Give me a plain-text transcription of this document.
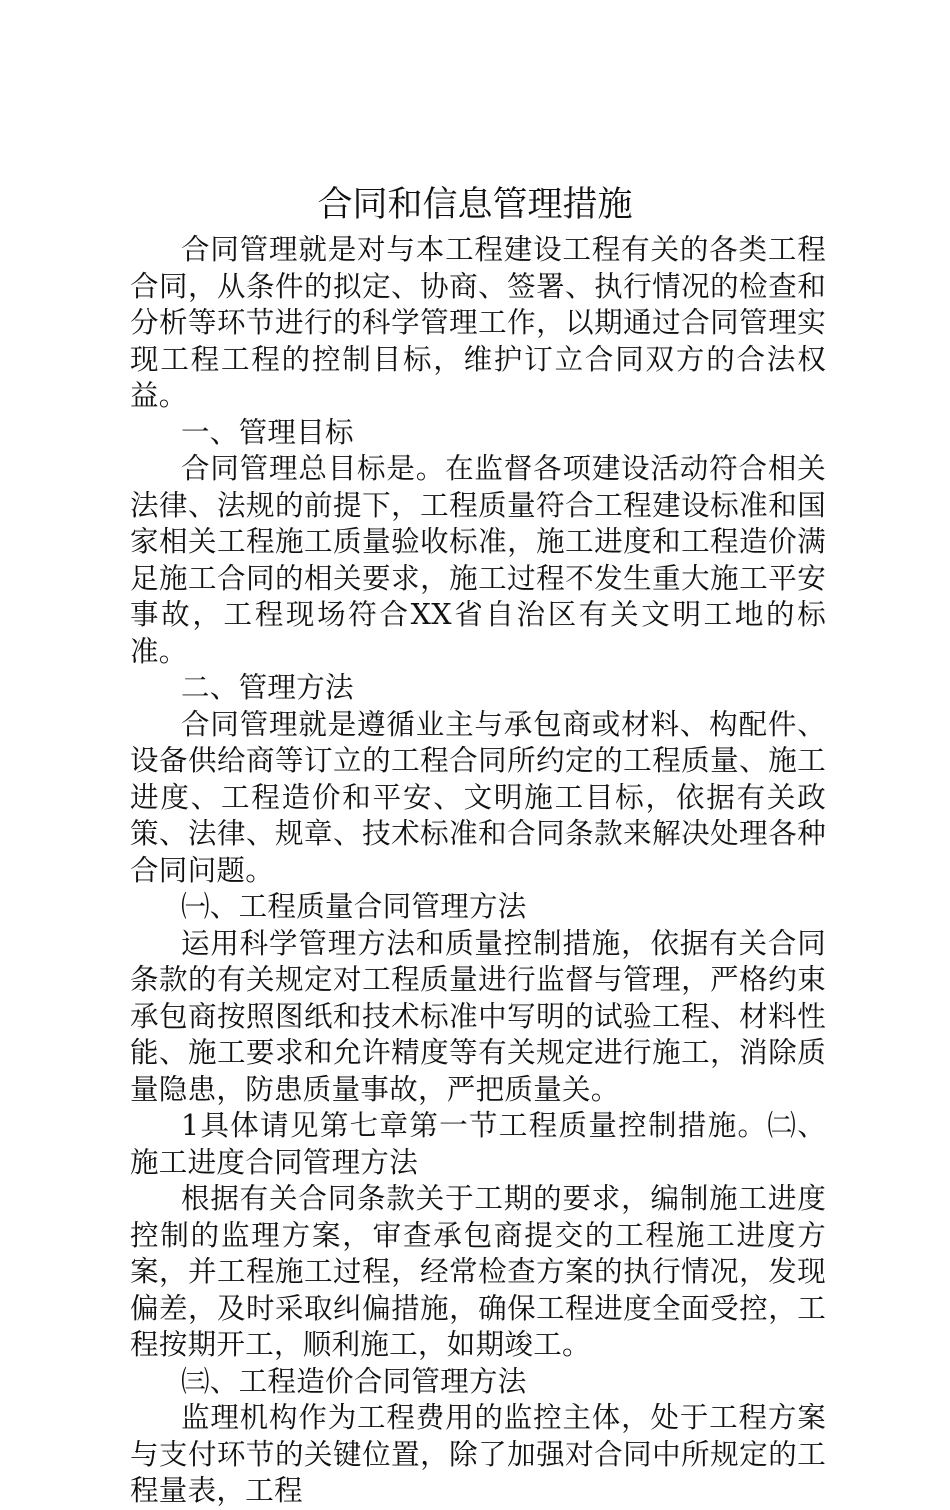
合同和信息管理措施

合同管理就是对与本工程建设工程有关的各类工程合同，从条件的拟定、协商、签署、执行情况的检查和分析等环节进行的科学管理工作，以期通过合同管理实现工程工程的控制目标，维护订立合同双方的合法权益。

一、管理目标

合同管理总目标是。在监督各项建设活动符合相关法律、法规的前提下，工程质量符合工程建设标准和国家相关工程施工质量验收标准，施工进度和工程造价满足施工合同的相关要求，施工过程不发生重大施工平安事故，工程现场符合XX省自治区有关文明工地的标准。

二、管理方法

合同管理就是遵循业主与承包商或材料、构配件、设备供给商等订立的工程合同所约定的工程质量、施工进度、工程造价和平安、文明施工目标，依据有关政策、法律、规章、技术标准和合同条款来解决处理各种合同问题。

㈠、工程质量合同管理方法

运用科学管理方法和质量控制措施，依据有关合同条款的有关规定对工程质量进行监督与管理，严格约束承包商按照图纸和技术标准中写明的试验工程、材料性能、施工要求和允许精度等有关规定进行施工，消除质量隐患，防患质量事故，严把质量关。

1具体请见第七章第一节工程质量控制措施。㈡、施工进度合同管理方法

根据有关合同条款关于工期的要求，编制施工进度控制的监理方案，审查承包商提交的工程施工进度方案，并工程施工过程，经常检查方案的执行情况，发现偏差，及时采取纠偏措施，确保工程进度全面受控，工程按期开工，顺利施工，如期竣工。

㈢、工程造价合同管理方法

监理机构作为工程费用的监控主体，处于工程方案与支付环节的关键位置，除了加强对合同中所规定的工程量表，工程
